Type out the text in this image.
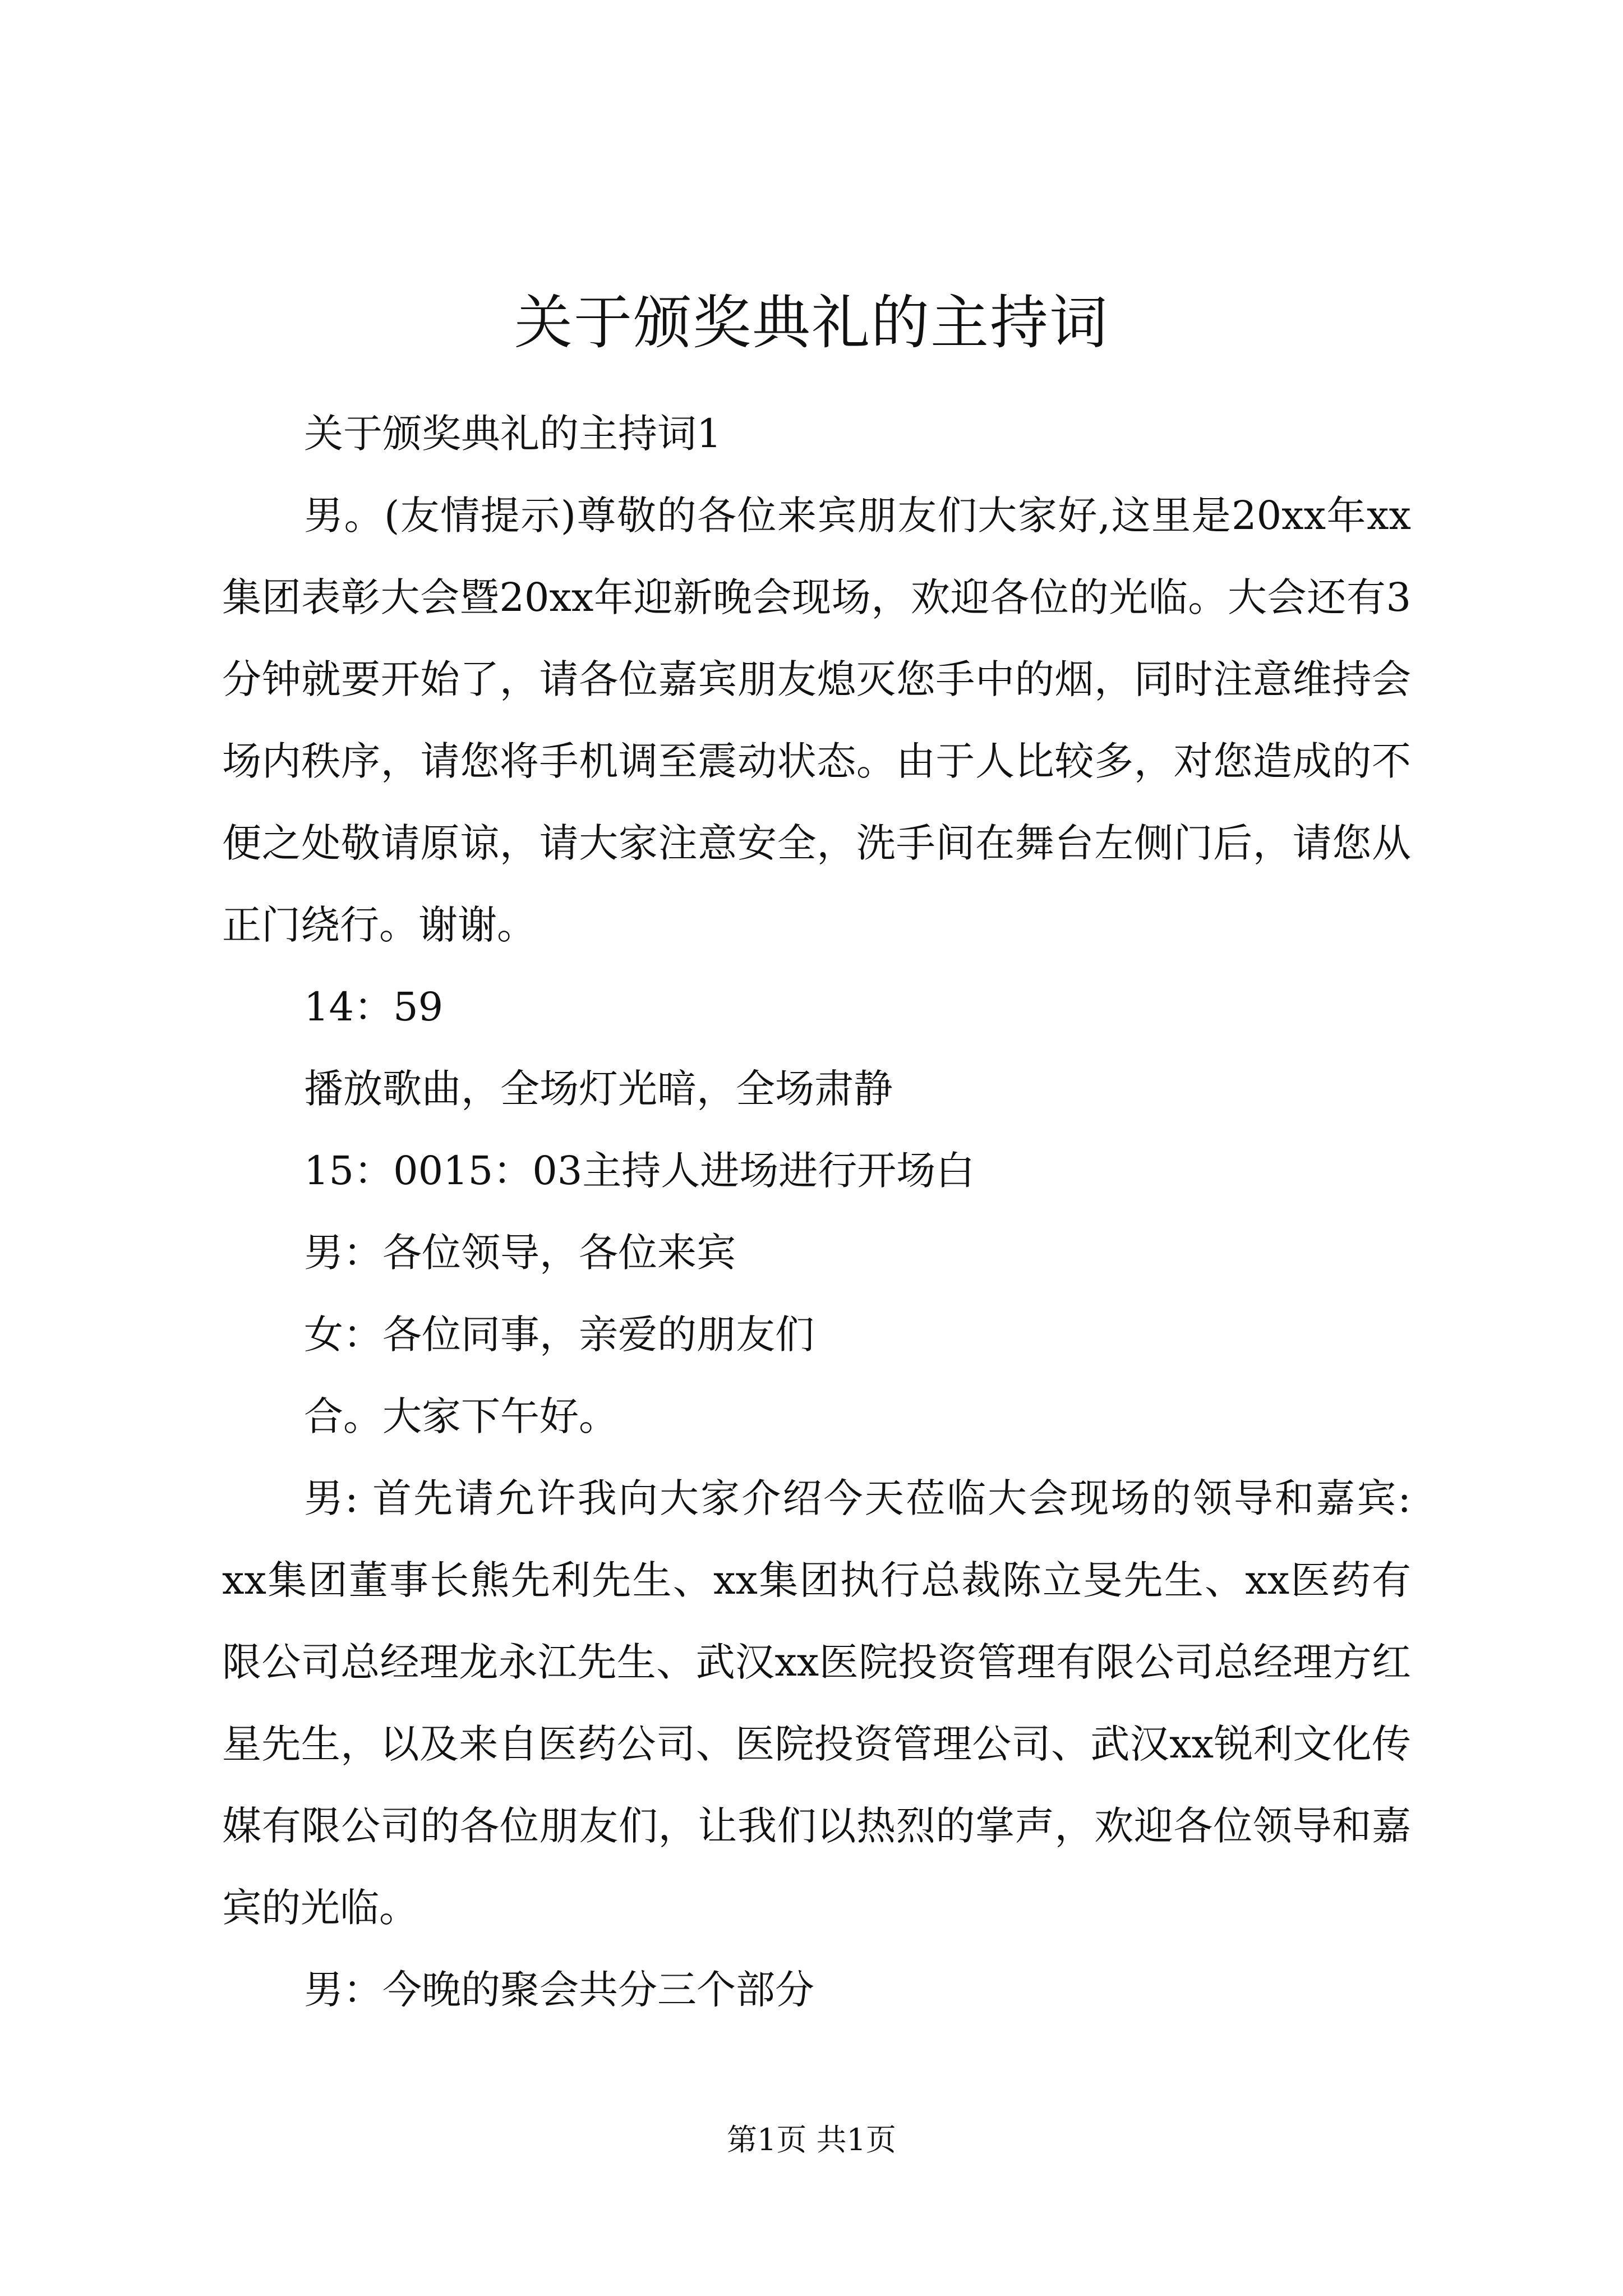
关于颁奖典礼的主持词

关于颁奖典礼的主持词1

男。(友情提示)尊敬的各位来宾朋友们大家好,这里是20xx年xx集团表彰大会暨20xx年迎新晚会现场，欢迎各位的光临。大会还有3分钟就要开始了，请各位嘉宾朋友熄灭您手中的烟，同时注意维持会场内秩序，请您将手机调至震动状态。由于人比较多，对您造成的不便之处敬请原谅，请大家注意安全，洗手间在舞台左侧门后，请您从正门绕行。谢谢。

14：59

播放歌曲，全场灯光暗，全场肃静

15：0015：03主持人进场进行开场白

男：各位领导，各位来宾

女：各位同事，亲爱的朋友们

合。大家下午好。

男: 首先请允许我向大家介绍今天莅临大会现场的领导和嘉宾: xx集团董事长熊先利先生、xx集团执行总裁陈立旻先生、xx医药有限公司总经理龙永江先生、武汉xx医院投资管理有限公司总经理方红星先生，以及来自医药公司、医院投资管理公司、武汉xx锐利文化传媒有限公司的各位朋友们，让我们以热烈的掌声，欢迎各位领导和嘉宾的光临。

男：今晚的聚会共分三个部分

第1页 共1页
